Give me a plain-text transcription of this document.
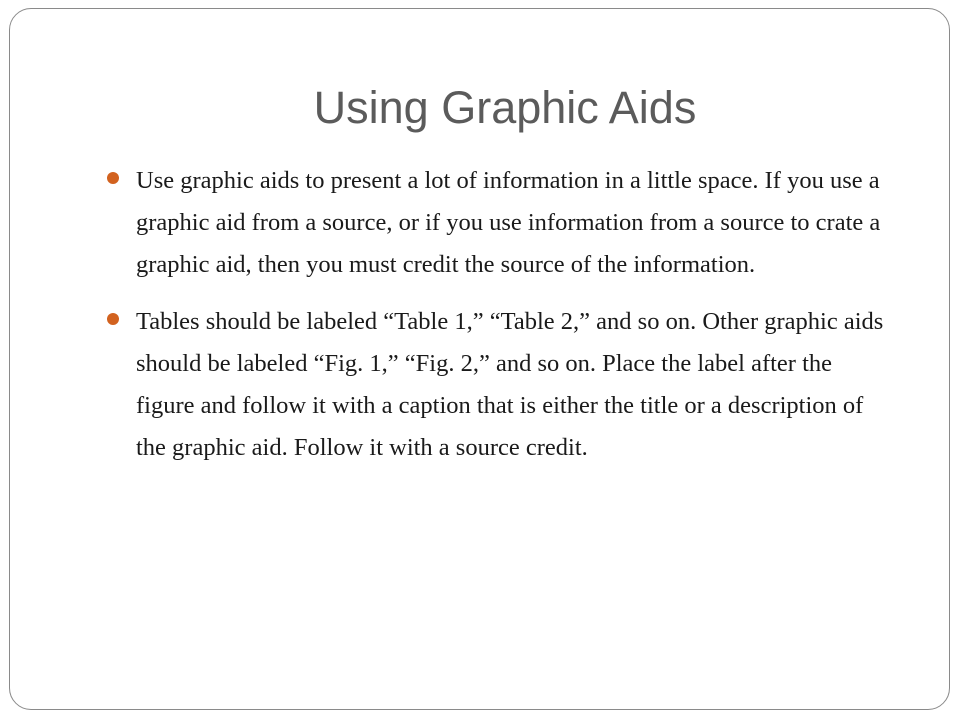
Using Graphic Aids
Use graphic aids to present a lot of information in a little space. If you use a graphic aid from a source, or if you use information from a source to crate a graphic aid, then you must credit the source of the information.
Tables should be labeled “Table 1,” “Table 2,” and so on. Other graphic aids should be labeled “Fig. 1,” “Fig. 2,” and so on. Place the label after the figure and follow it with a caption that is either the title or a description of the graphic aid. Follow it with a source credit.
